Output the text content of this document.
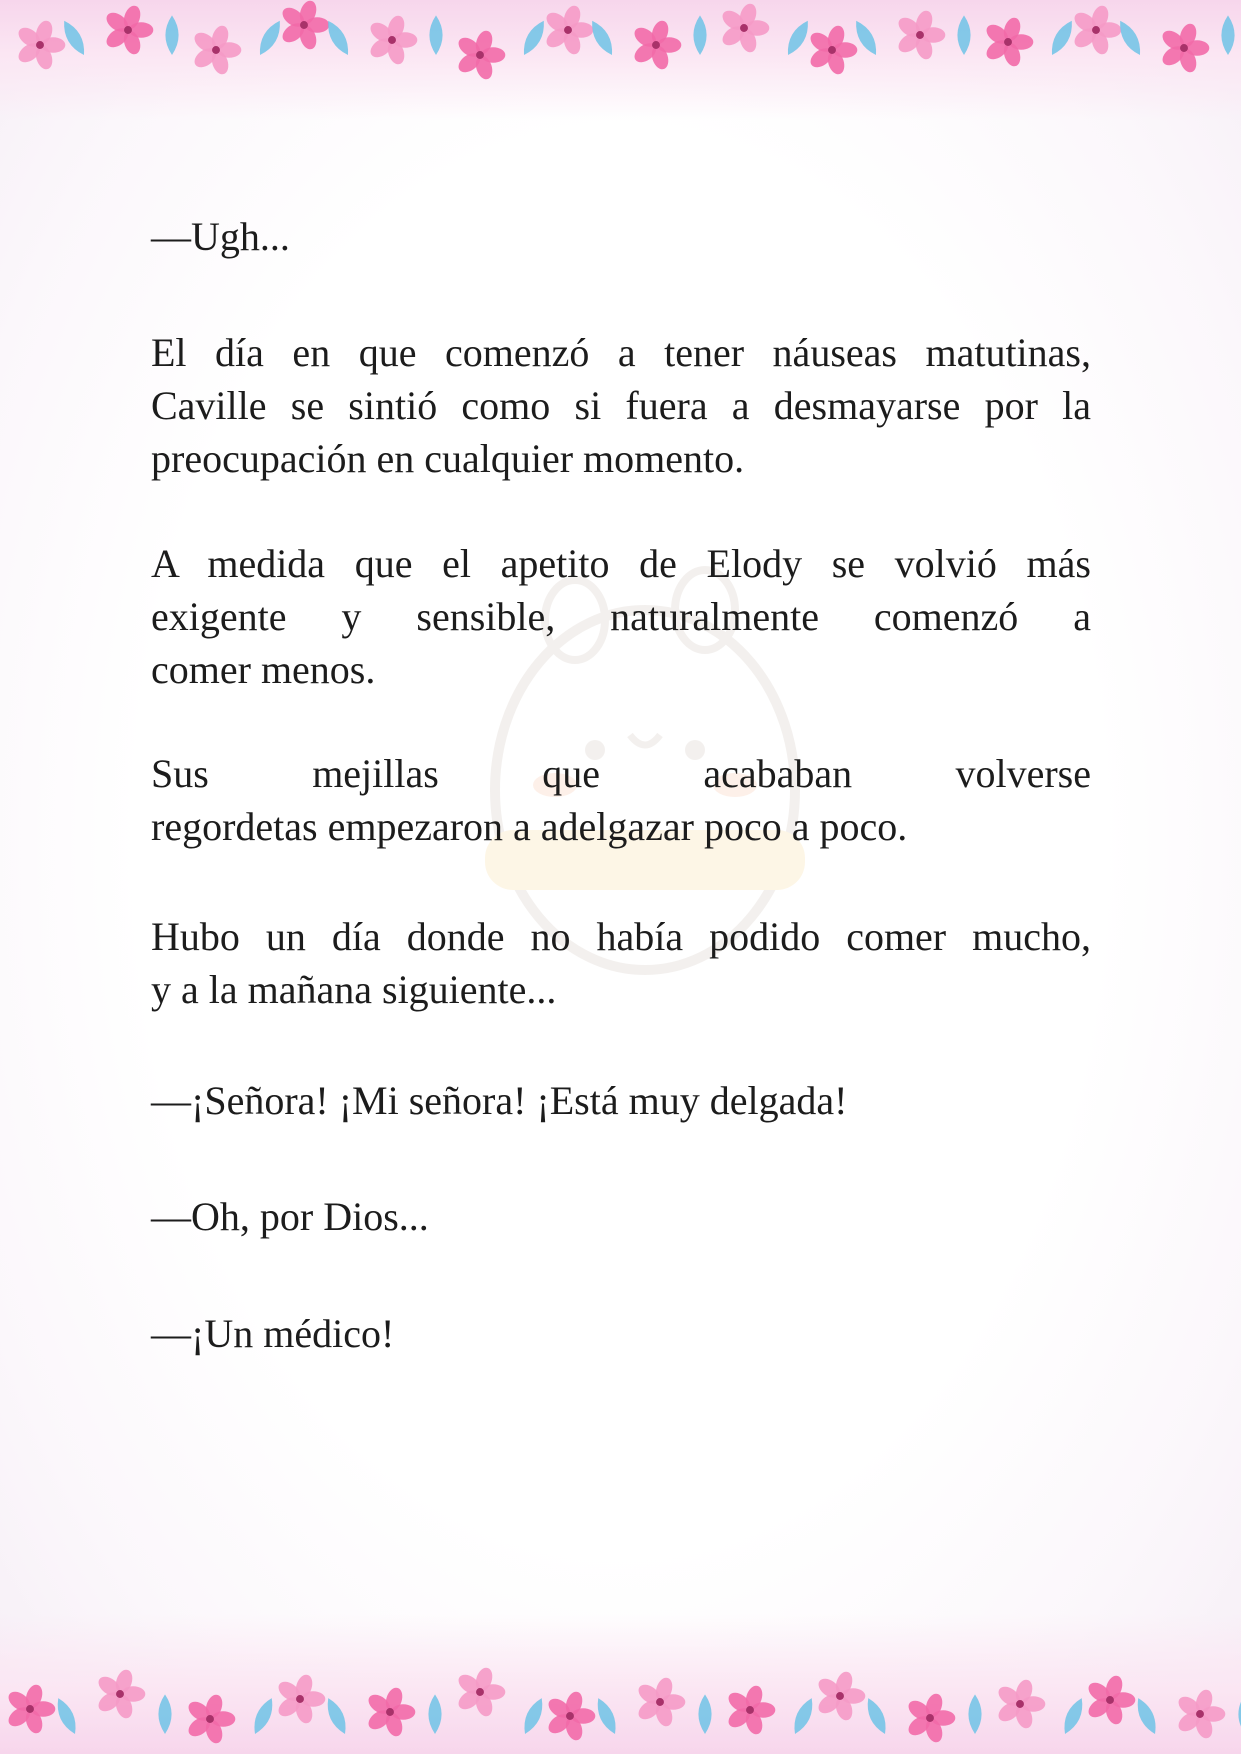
—Ugh...

El día en que comenzó a tener náuseas matutinas,
Caville se sintió como si fuera a desmayarse por la
preocupación en cualquier momento.

A medida que el apetito de Elody se volvió más
exigente y sensible, naturalmente comenzó a
comer menos.

Sus mejillas que acababan volverse
regordetas empezaron a adelgazar poco a poco.

Hubo un día donde no había podido comer mucho,
y a la mañana siguiente...

—¡Señora! ¡Mi señora! ¡Está muy delgada!

—Oh, por Dios...

—¡Un médico!
